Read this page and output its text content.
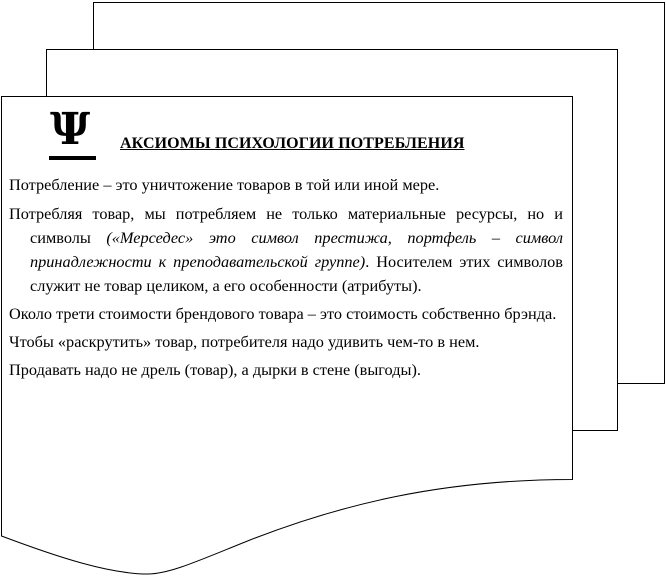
Ψ АКСИОМЫ ПСИХОЛОГИИ ПОТРЕБЛЕНИЯ

Потребление – это уничтожение товаров в той или иной мере.

Потребляя товар, мы потребляем не только материальные ресурсы, но и символы («Мерседес» это символ престижа, портфель – символ принадлежности к преподавательской группе). Носителем этих символов служит не товар целиком, а его особенности (атрибуты).

Около трети стоимости брендового товара – это стоимость собственно брэнда.

Чтобы «раскрутить» товар, потребителя надо удивить чем-то в нем.

Продавать надо не дрель (товар), а дырки в стене (выгоды).
